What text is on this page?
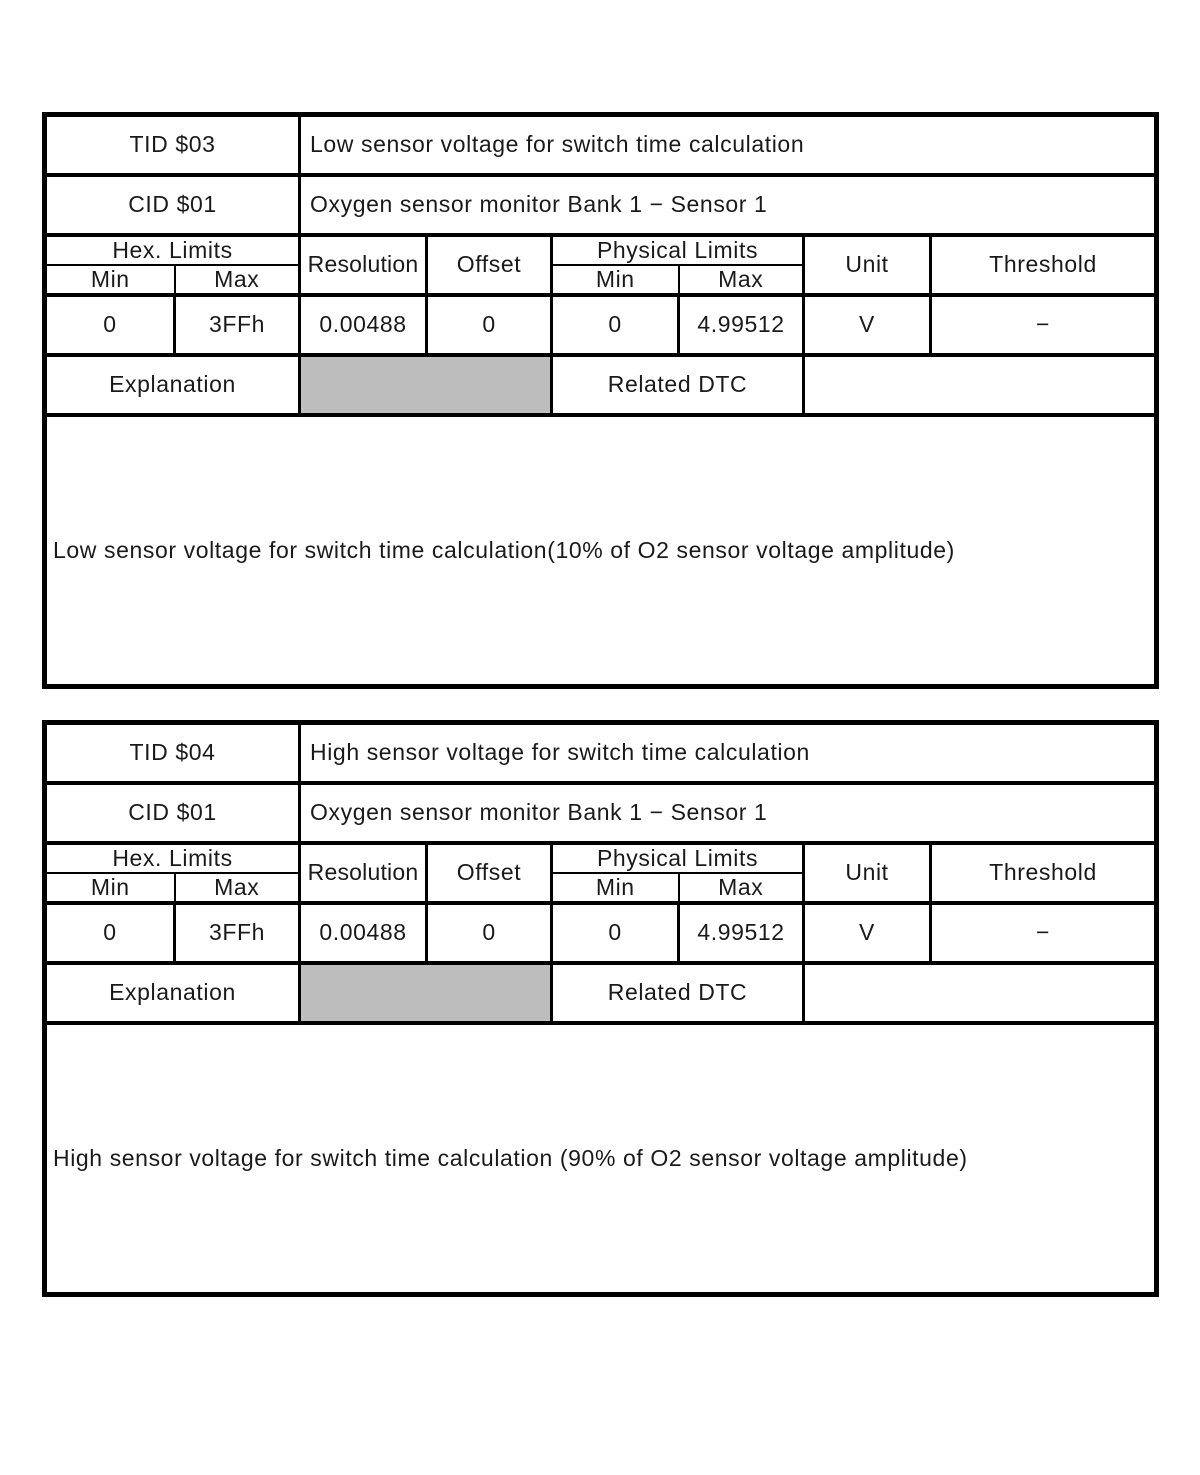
TID $03		Low sensor voltage for switch time calculation					
CID $01		Oxygen sensor monitor Bank 1 − Sensor 1					
Hex. Limits		Resolution	Offset	Physical Limits		Unit	Threshold
Min	Max			Min	Max		
0	3FFh	0.00488	0	0	4.99512	V	−
Explanation				Related DTC			
Low sensor voltage for switch time calculation(10% of O2 sensor voltage amplitude)							
TID $04		High sensor voltage for switch time calculation					
CID $01		Oxygen sensor monitor Bank 1 − Sensor 1					
Hex. Limits		Resolution	Offset	Physical Limits		Unit	Threshold
Min	Max			Min	Max		
0	3FFh	0.00488	0	0	4.99512	V	−
Explanation				Related DTC			
High sensor voltage for switch time calculation (90% of O2 sensor voltage amplitude)							
